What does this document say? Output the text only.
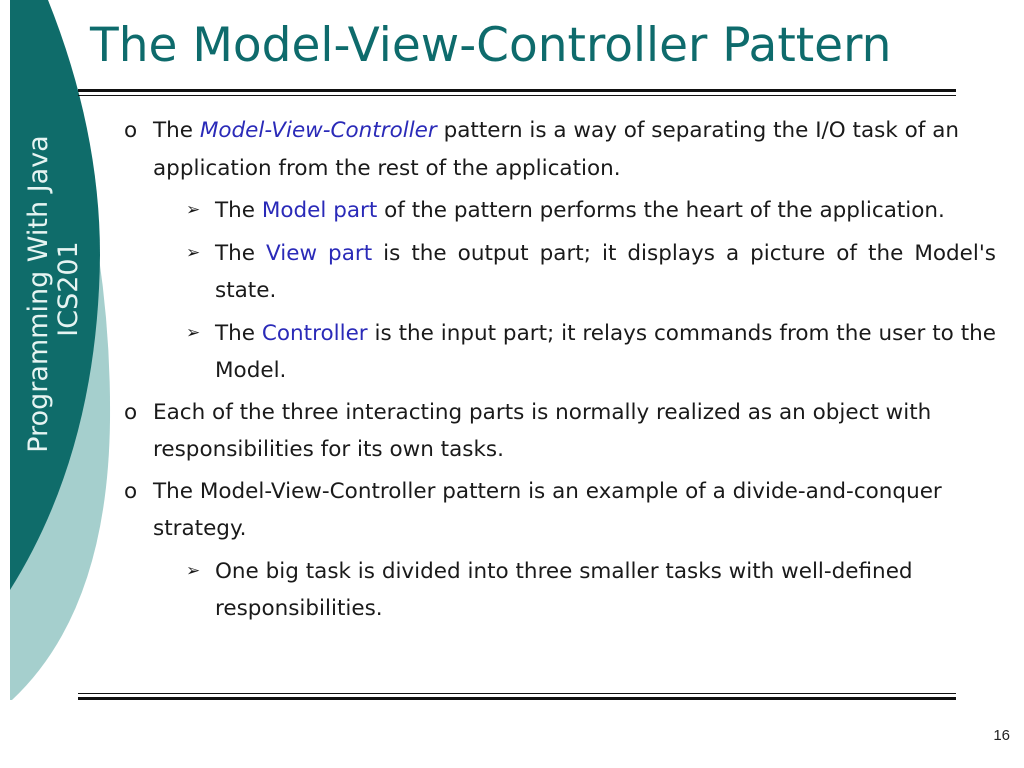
Programming With Java ICS201
The Model-View-Controller Pattern
o The Model-View-Controller pattern is a way of separating the I/O task of an application from the rest of the application.
➢ The Model part of the pattern performs the heart of the application.
➢ The View part is the output part; it displays a picture of the Model's state.
➢ The Controller is the input part; it relays commands from the user to the Model.
o Each of the three interacting parts is normally realized as an object with responsibilities for its own tasks.
o The Model-View-Controller pattern is an example of a divide-and-conquer strategy.
➢ One big task is divided into three smaller tasks with well-defined responsibilities.
16
